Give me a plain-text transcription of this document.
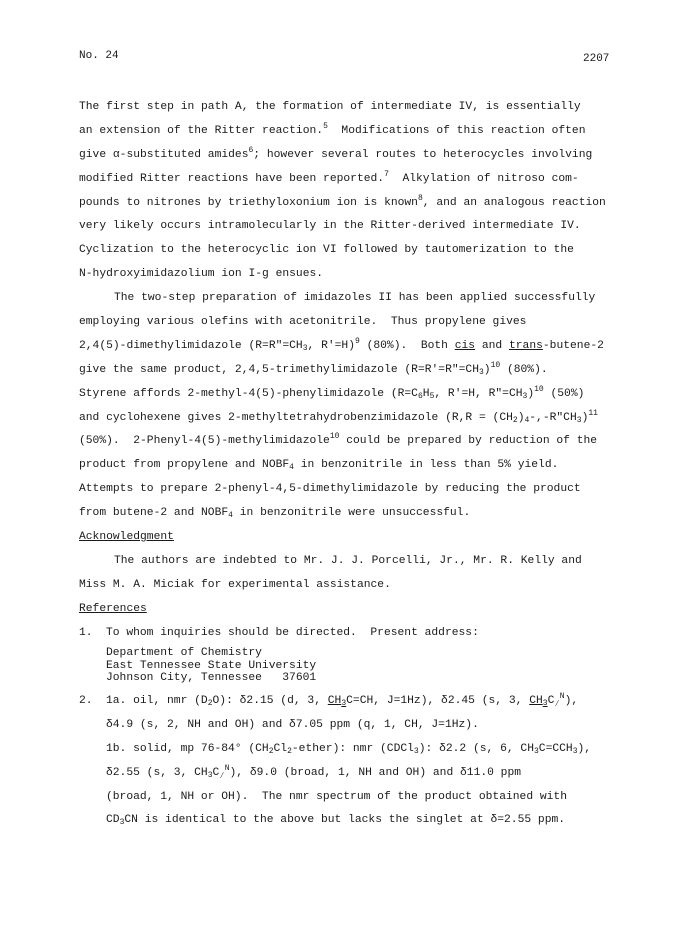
No. 24	2207
The first step in path A, the formation of intermediate IV, is essentially
an extension of the Ritter reaction.$^5$  Modifications of this reaction often
give α-substituted amides$^6$; however several routes to heterocycles involving
modified Ritter reactions have been reported.$^7$  Alkylation of nitroso com-
pounds to nitrones by triethyloxonium ion is known$^8$, and an analogous reaction
very likely occurs intramolecularly in the Ritter-derived intermediate IV.
Cyclization to the heterocyclic ion VI followed by tautomerization to the
N-hydroxyimidazolium ion I-g ensues.
The two-step preparation of imidazoles II has been applied successfully
employing various olefins with acetonitrile.  Thus propylene gives
2,4(5)-dimethylimidazole ($R=R"=CH_3$, R'=H)$^9$ (80%).  Both cis and trans-butene-2
give the same product, 2,4,5-trimethylimidazole $(R=R'=R"=CH_3)^{10}$ (80%).
Styrene affords 2-methyl-4(5)-phenylimidazole ($R=C_6H_5$, R'=H, $R"=CH_3)^{10}$ (50%)
and cyclohexene gives 2-methyltetrahydrobenzimidazole $(R,R = (CH_2)_4-,-R"CH_3)^{11}$
(50%).  2-Phenyl-4(5)-methylimidazole$^{10}$ could be prepared by reduction of the
product from propylene and $NOBF_4$ in benzonitrile in less than 5% yield.
Attempts to prepare 2-phenyl-4,5-dimethylimidazole by reducing the product
from butene-2 and $NOBF_4$ in benzonitrile were unsuccessful.
Acknowledgment
The authors are indebted to Mr. J. J. Porcelli, Jr., Mr. R. Kelly and
Miss M. A. Miciak for experimental assistance.
References
1. To whom inquiries should be directed.  Present address:
Department of Chemistry
East Tennessee State University
Johnson City, Tennessee   37601
2. 1a. oil, nmr $(D_2O)$: δ2.15 (d, 3, $CH_3C=CH$, J=1Hz), δ2.45 (s, 3, $CH_3C_∕^N$),
δ4.9 (s, 2, NH and OH) and δ7.05 ppm (q, 1, CH, J=1Hz).
1b. solid, mp 76-84° $(CH_2Cl_2-ether)$: nmr (CDCl$_3$): δ2.2 (s, 6, $CH_3C=CCH_3$),
δ2.55 (s, 3, $CH_3C_∕^N$), δ9.0 (broad, 1, NH and OH) and δ11.0 ppm
(broad, 1, NH or OH).  The nmr spectrum of the product obtained with
$CD_3CN$ is identical to the above but lacks the singlet at δ=2.55 ppm.
